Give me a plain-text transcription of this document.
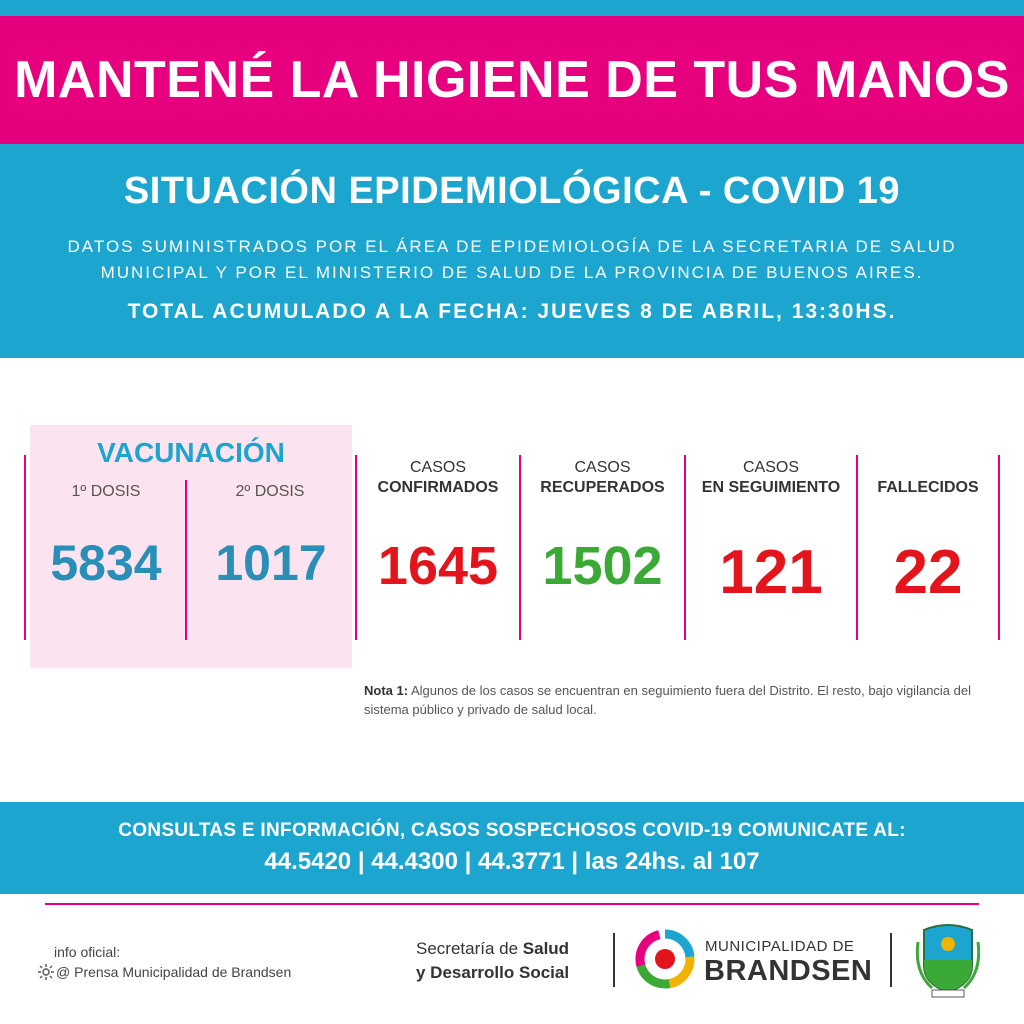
MANTENÉ LA HIGIENE DE TUS MANOS
SITUACIÓN EPIDEMIOLÓGICA - COVID 19
DATOS SUMINISTRADOS POR EL ÁREA DE EPIDEMIOLOGÍA DE LA SECRETARIA DE SALUD
MUNICIPAL Y POR EL MINISTERIO DE SALUD DE LA PROVINCIA DE BUENOS AIRES.
TOTAL ACUMULADO A LA FECHA: JUEVES 8 DE ABRIL, 13:30HS.
VACUNACIÓN
1º DOSIS	2º DOSIS
5834	1017
CASOS
CONFIRMADOS
1645
CASOS
RECUPERADOS
1502
CASOS
EN SEGUIMIENTO
121
FALLECIDOS
22
Nota 1: Algunos de los casos se encuentran en seguimiento fuera del Distrito. El resto, bajo vigilancia del sistema público y privado de salud local.
CONSULTAS E INFORMACIÓN, CASOS SOSPECHOSOS COVID-19 COMUNICATE AL:
44.5420 | 44.4300 | 44.3771 | las 24hs. al 107
info oficial:
@ Prensa Municipalidad de Brandsen
Secretaría de Salud
y Desarrollo Social
MUNICIPALIDAD DE
BRANDSEN
